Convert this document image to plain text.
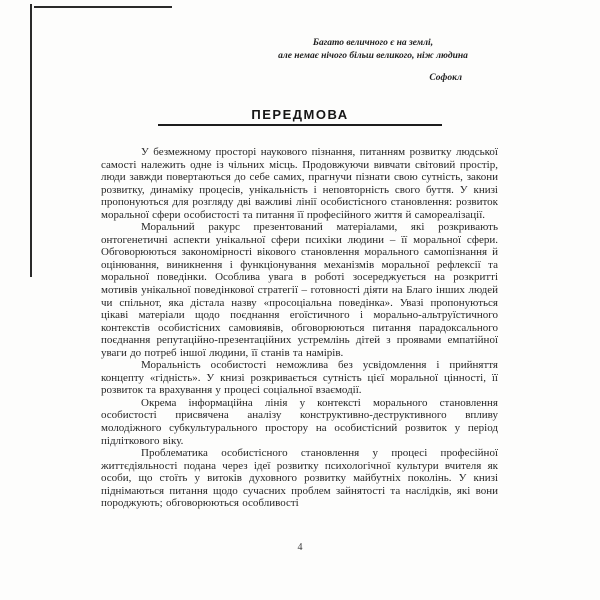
Багато величного є на землі,
але немає нічого більш великого, ніж людина
Софокл
ПЕРЕДМОВА

У безмежному просторі наукового пізнання, питанням розвитку людської самості належить одне із чільних місць. Продовжуючи вивчати світовий простір, люди завжди повертаються до себе самих, прагнучи пізнати свою сутність, закони розвитку, динаміку процесів, унікальність і неповторність свого буття. У книзі пропонуються для розгляду дві важливі лінії особистісного становлення: розвиток моральної сфери особистості та питання її професійного життя й самореалізації.

Моральний ракурс презентований матеріалами, які розкривають онтогенетичні аспекти унікальної сфери психіки людини – її моральної сфери. Обговорюються закономірності вікового становлення морального самопізнання й оцінювання, виникнення і функціонування механізмів моральної рефлексії та моральної поведінки. Особлива увага в роботі зосереджується на розкритті мотивів унікальної поведінкової стратегії – готовності діяти на Благо інших людей чи спільнот, яка дістала назву «просоціальна поведінка». Увазі пропонуються цікаві матеріали щодо поєднання егоїстичного і морально-альтруїстичного контекстів особистісних самовиявів, обговорюються питання парадоксального поєднання репутаційно-презентаційних устремлінь дітей з проявами емпатійної уваги до потреб іншої людини, її станів та намірів.

Моральність особистості неможлива без усвідомлення і прийняття концепту «гідність». У книзі розкривається сутність цієї моральної цінності, її розвиток та врахування у процесі соціальної взаємодії.

Окрема інформаційна лінія у контексті морального становлення особистості присвячена аналізу конструктивно-деструктивного впливу молодіжного субкультурального простору на особистісний розвиток у період підліткового віку.

Проблематика особистісного становлення у процесі професійної життєдіяльності подана через ідеї розвитку психологічної культури вчителя як особи, що стоїть у витоків духовного розвитку майбутніх поколінь. У книзі піднімаються питання щодо сучасних проблем зайнятості та наслідків, які вони породжують; обговорюються особливості

4
